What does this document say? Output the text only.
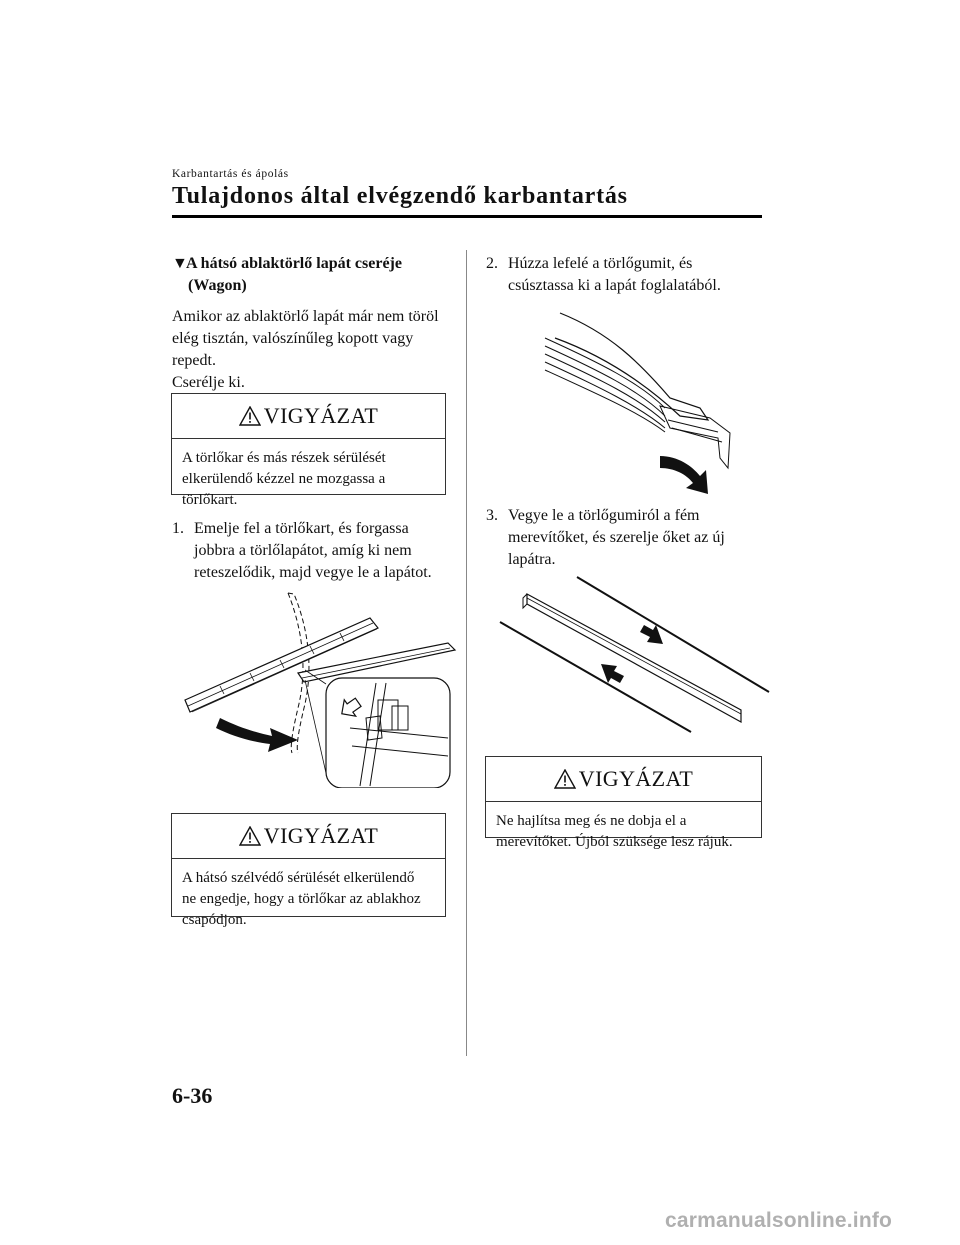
Karbantartás és ápolás
Tulajdonos által elvégzendő karbantartás
▼A hátsó ablaktörlő lapát cseréje
(Wagon)
Amikor az ablaktörlő lapát már nem töröl
elég tisztán, valószínűleg kopott vagy
repedt.
Cserélje ki.
VIGYÁZAT
A törlőkar és más részek sérülését
elkerülendő kézzel ne mozgassa a
törlőkart.
1. Emelje fel a törlőkart, és forgassa
jobbra a törlőlapátot, amíg ki nem
reteszelődik, majd vegye le a lapátot.
VIGYÁZAT
A hátsó szélvédő sérülését elkerülendő
ne engedje, hogy a törlőkar az ablakhoz
csapódjon.
2. Húzza lefelé a törlőgumit, és
csúsztassa ki a lapát foglalatából.
3. Vegye le a törlőgumiról a fém
merevítőket, és szerelje őket az új
lapátra.
VIGYÁZAT
Ne hajlítsa meg és ne dobja el a
merevítőket. Újból szüksége lesz rájuk.
6-36
carmanualsonline.info
